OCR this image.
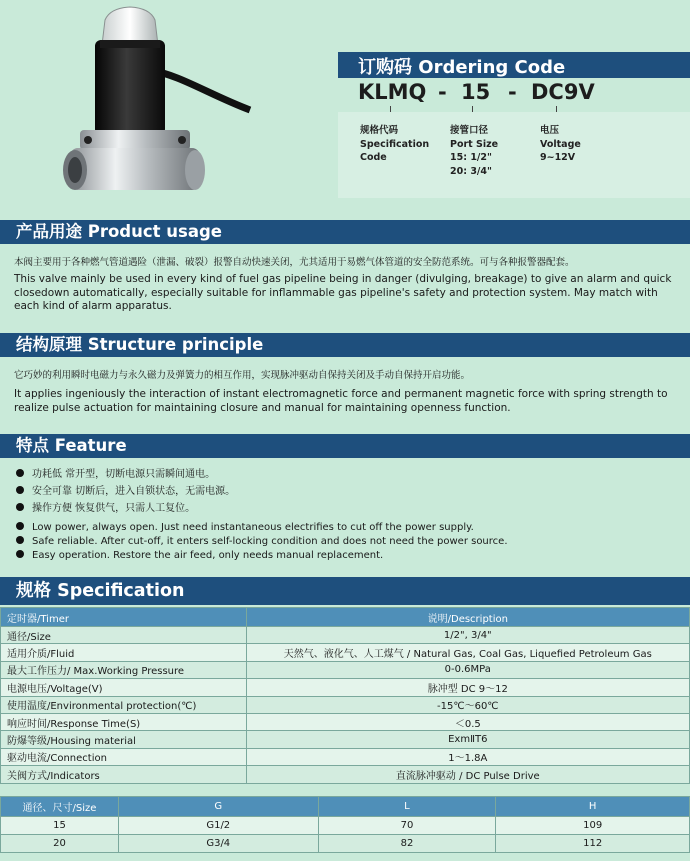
订购码 Ordering Code
KLMQ - 15 - DC9V
规格代码
Specification
Code
接管口径
Port Size
15: 1/2"
20: 3/4"
电压
Voltage
9~12V
产品用途 Product usage
本阀主要用于各种燃气管道遇险（泄漏、破裂）报警自动快速关闭，尤其适用于易燃气体管道的安全防范系统。可与各种报警器配套。
This valve mainly be used in every kind of fuel gas pipeline being in danger (divulging, breakage) to give an alarm and quick closedown automatically, especially suitable for inflammable gas pipeline's safety and protection system. May match with each kind of alarm apparatus.
结构原理 Structure principle
它巧妙的利用瞬时电磁力与永久磁力及弹簧力的相互作用，实现脉冲驱动自保持关闭及手动自保持开启功能。
It applies ingeniously the interaction of instant electromagnetic force and permanent magnetic force with spring strength to realize pulse actuation for maintaining closure and manual for maintaining openness function.
特点 Feature
功耗低 常开型，切断电源只需瞬间通电。
安全可靠 切断后，进入自锁状态，无需电源。
操作方便 恢复供气，只需人工复位。
Low power, always open. Just need instantaneous electrifies to cut off the power supply.
Safe reliable. After cut-off, it enters self-locking condition and does not need the power source.
Easy operation. Restore the air feed, only needs manual replacement.
规格 Specification
定时器/Timer	说明/Description
通径/Size	1/2", 3/4"
适用介质/Fluid	天然气、液化气、人工煤气 / Natural Gas, Coal Gas, Liquefied Petroleum Gas
最大工作压力/ Max.Working Pressure	0-0.6MPa
电源电压/Voltage(V)	脉冲型 DC 9～12
使用温度/Environmental protection(℃)	-15℃～60℃
响应时间/Response Time(S)	＜0.5
防爆等级/Housing material	ExmⅡT6
驱动电流/Connection	1～1.8A
关阀方式/Indicators	直流脉冲驱动 / DC Pulse Drive
通径、尺寸/Size	G	L	H
15	G1/2	70	109
20	G3/4	82	112
